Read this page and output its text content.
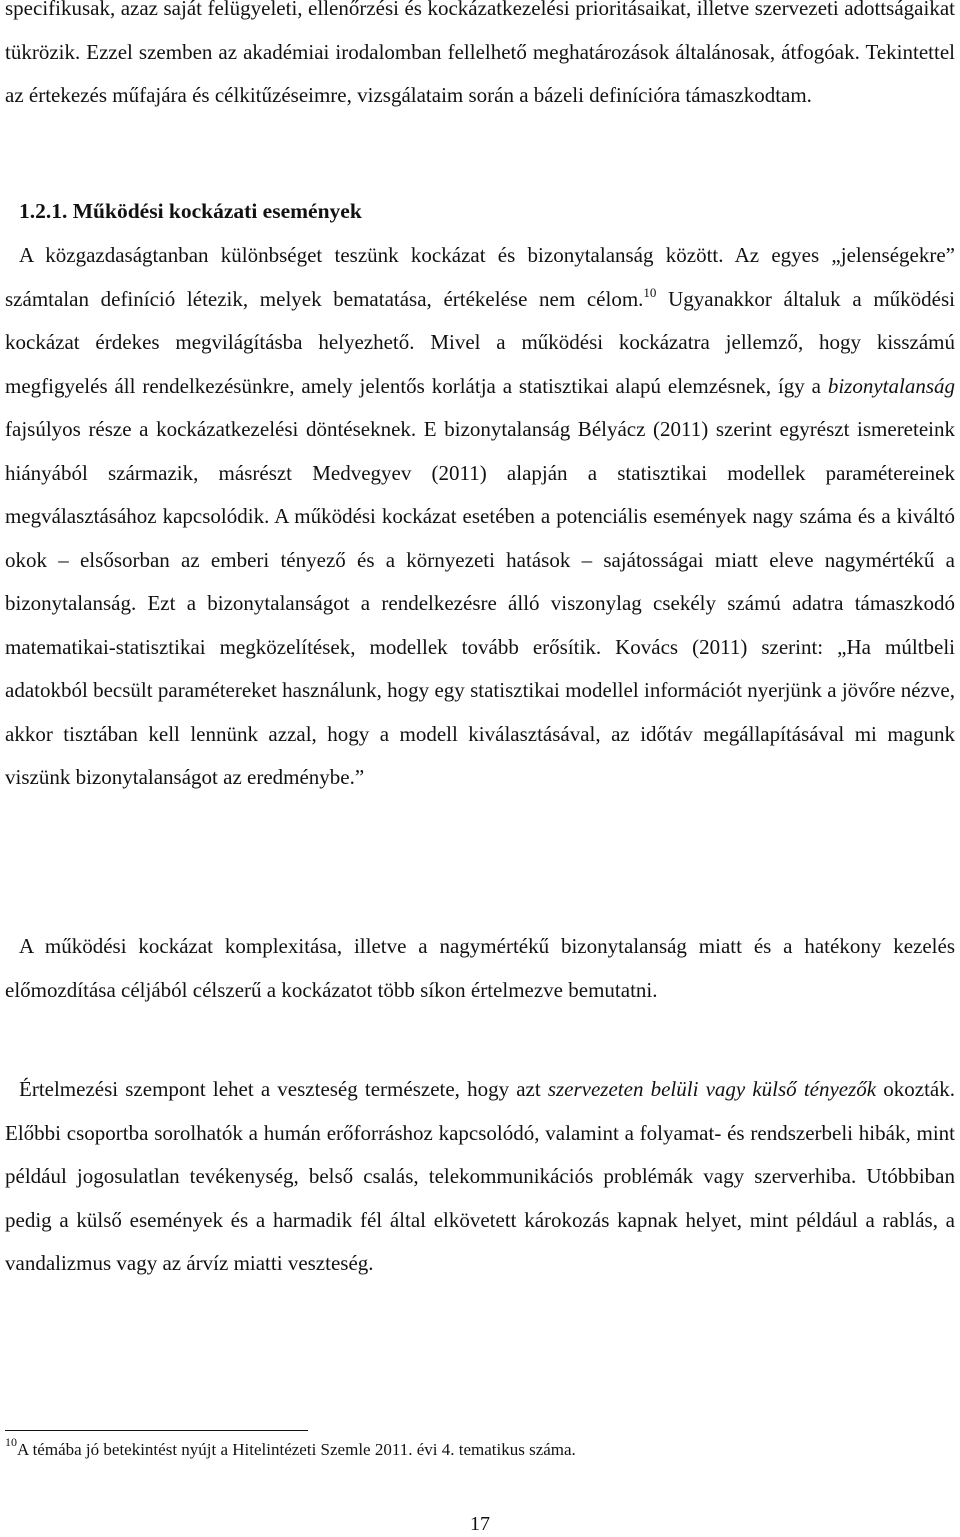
specifikusak, azaz saját felügyeleti, ellenőrzési és kockázatkezelési prioritásaikat, illetve szervezeti adottságaikat tükrözik. Ezzel szemben az akadémiai irodalomban fellelhető meghatározások általánosak, átfogóak. Tekintettel az értekezés műfajára és célkitűzéseimre, vizsgálataim során a bázeli definícióra támaszkodtam.

1.2.1. Működési kockázati események

A közgazdaságtanban különbséget teszünk kockázat és bizonytalanság között. Az egyes „jelenségekre” számtalan definíció létezik, melyek bematatása, értékelése nem célom.$^{10}$ Ugyanakkor általuk a működési kockázat érdekes megvilágításba helyezhető. Mivel a működési kockázatra jellemző, hogy kisszámú megfigyelés áll rendelkezésünkre, amely jelentős korlátja a statisztikai alapú elemzésnek, így a bizonytalanság fajsúlyos része a kockázatkezelési döntéseknek. E bizonytalanság Bélyácz (2011) szerint egyrészt ismereteink hiányából származik, másrészt Medvegyev (2011) alapján a statisztikai modellek paramétereinek megválasztásához kapcsolódik. A működési kockázat esetében a potenciális események nagy száma és a kiváltó okok – elsősorban az emberi tényező és a környezeti hatások – sajátosságai miatt eleve nagymértékű a bizonytalanság. Ezt a bizonytalanságot a rendelkezésre álló viszonylag csekély számú adatra támaszkodó matematikai-statisztikai megközelítések, modellek tovább erősítik. Kovács (2011) szerint: „Ha múltbeli adatokból becsült paramétereket használunk, hogy egy statisztikai modellel információt nyerjünk a jövőre nézve, akkor tisztában kell lennünk azzal, hogy a modell kiválasztásával, az időtáv megállapításával mi magunk viszünk bizonytalanságot az eredménybe.”

A működési kockázat komplexitása, illetve a nagymértékű bizonytalanság miatt és a hatékony kezelés előmozdítása céljából célszerű a kockázatot több síkon értelmezve bemutatni.

Értelmezési szempont lehet a veszteség természete, hogy azt szervezeten belüli vagy külső tényezők okozták. Előbbi csoportba sorolhatók a humán erőforráshoz kapcsolódó, valamint a folyamat- és rendszerbeli hibák, mint például jogosulatlan tevékenység, belső csalás, telekommunikációs problémák vagy szerverhiba. Utóbbiban pedig a külső események és a harmadik fél által elkövetett károkozás kapnak helyet, mint például a rablás, a vandalizmus vagy az árvíz miatti veszteség.

$^{10}$A témába jó betekintést nyújt a Hitelintézeti Szemle 2011. évi 4. tematikus száma.

17
